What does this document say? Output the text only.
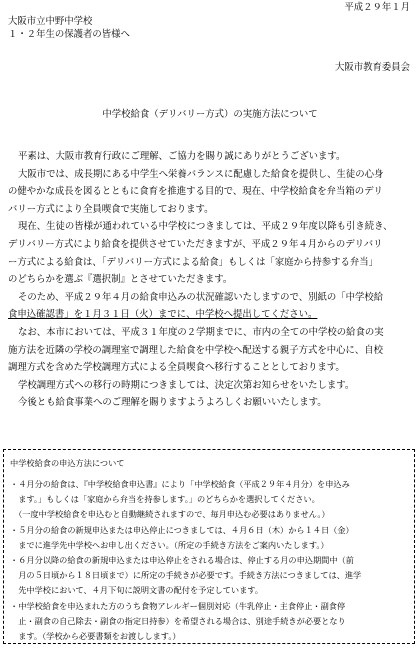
平成２９年１月
大阪市立中野中学校
１・２年生の保護者の皆様へ
大阪市教育委員会
中学校給食（デリバリー方式）の実施方法について

平素は、大阪市教育行政にご理解、ご協力を賜り誠にありがとうございます。

大阪市では、成長期にある中学生へ栄養バランスに配慮した給食を提供し、生徒の心身

の健やかな成長を図るとともに食育を推進する目的で、現在、中学校給食を弁当箱のデリ

バリー方式により全員喫食で実施しております。

現在、生徒の皆様が通われている中学校につきましては、平成２９年度以降も引き続き、

デリバリー方式により給食を提供させていただきますが、平成２９年４月からのデリバリ

ー方式による給食は、「デリバリー方式による給食」もしくは「家庭から持参する弁当」

のどちらかを選ぶ『選択制』とさせていただきます。

そのため、平成２９年４月の給食申込みの状況確認いたしますので、別紙の「中学校給

食申込確認書」を１月３１日（火）までに、中学校へ提出してください。

なお、本市においては、平成３１年度の２学期までに、市内の全ての中学校の給食の実

施方法を近隣の学校の調理室で調理した給食を中学校へ配送する親子方式を中心に、自校

調理方式を含めた学校調理方式による全員喫食へ移行することとしております。

学校調理方式への移行の時期につきましては、決定次第お知らせをいたします。

今後とも給食事業へのご理解を賜りますようよろしくお願いいたします。

中学校給食の申込方法について

・４月分の給食は、『中学校給食申込書』により「中学校給食（平成２９年４月分）を申込み

　ます。」もしくは「家庭から弁当を持参します。」のどちらかを選択してください。

　（一度中学校給食を申込むと自動継続されますので、毎月申込む必要はありません。）

・５月分の給食の新規申込または申込停止につきましては、４月６日（木）から１４日（金）

　までに進学先中学校へお申し出ください。（所定の手続き方法をご案内いたします。）

・６月分以降の給食の新規申込または申込停止をされる場合は、停止する月の申込期間中（前

　月の５日頃から１８日頃まで）に所定の手続きが必要です。手続き方法につきましては、進学

　先中学校において、４月下旬に説明文書の配付を予定しています。

・中学校給食を申込まれた方のうち食物アレルギー個別対応（牛乳停止・主食停止・副食停

　止・副食の自己除去・副食の指定日持参）を希望される場合は、別途手続きが必要となり

　ます。（学校から必要書類をお渡しします。）
